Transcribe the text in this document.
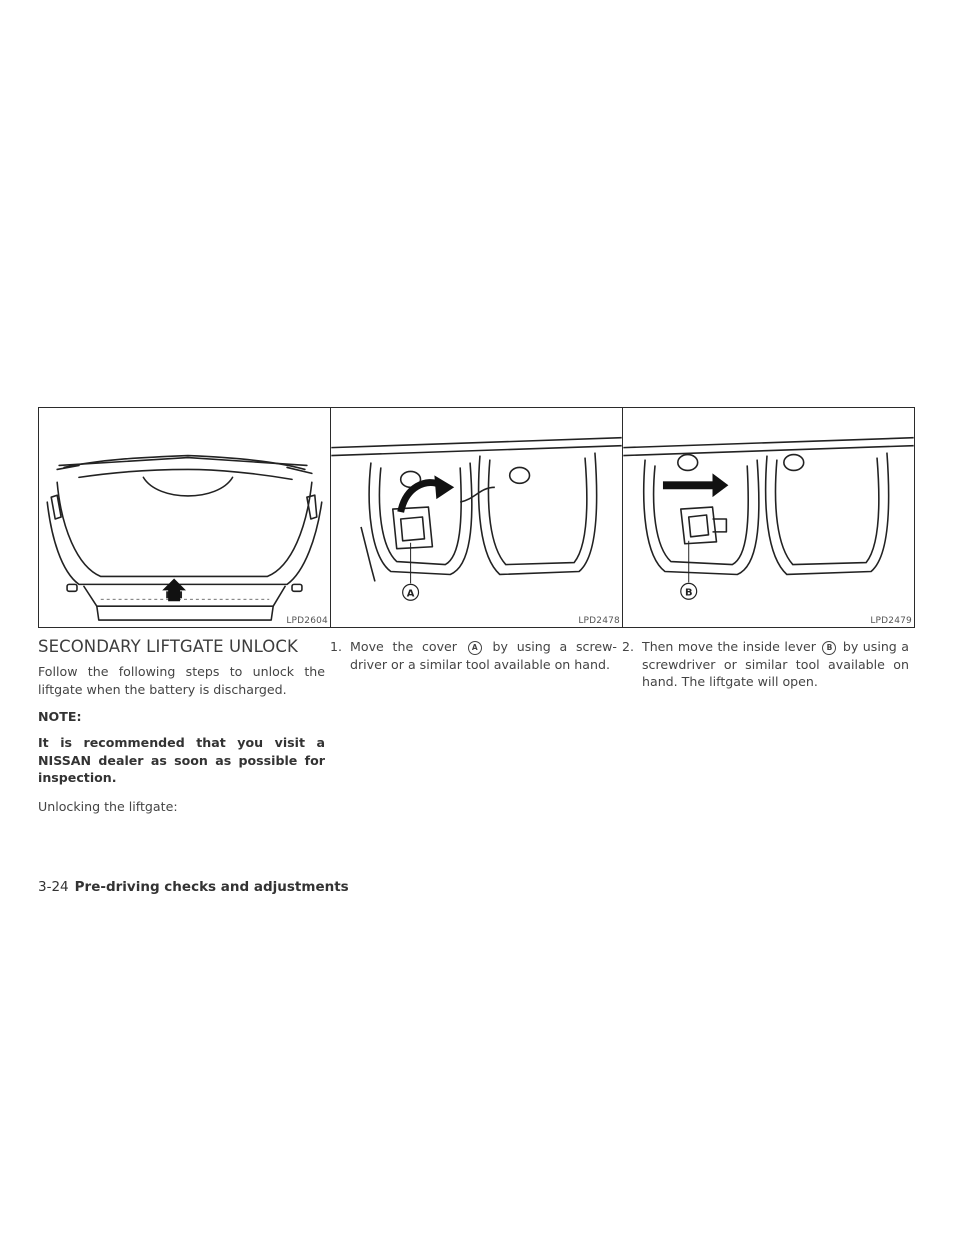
LPD2604
A
LPD2478
B
LPD2479
SECONDARY LIFTGATE UNLOCK

Follow the following steps to unlock the liftgate when the battery is discharged.

NOTE:

It is recommended that you visit a NISSAN dealer as soon as possible for inspection.

Unlocking the liftgate:

1. Move the cover A by using a screw- driver or a similar tool available on hand.
2. Then move the inside lever B by using a screwdriver or similar tool available on hand. The liftgate will open.
3-24 Pre-driving checks and adjustments
